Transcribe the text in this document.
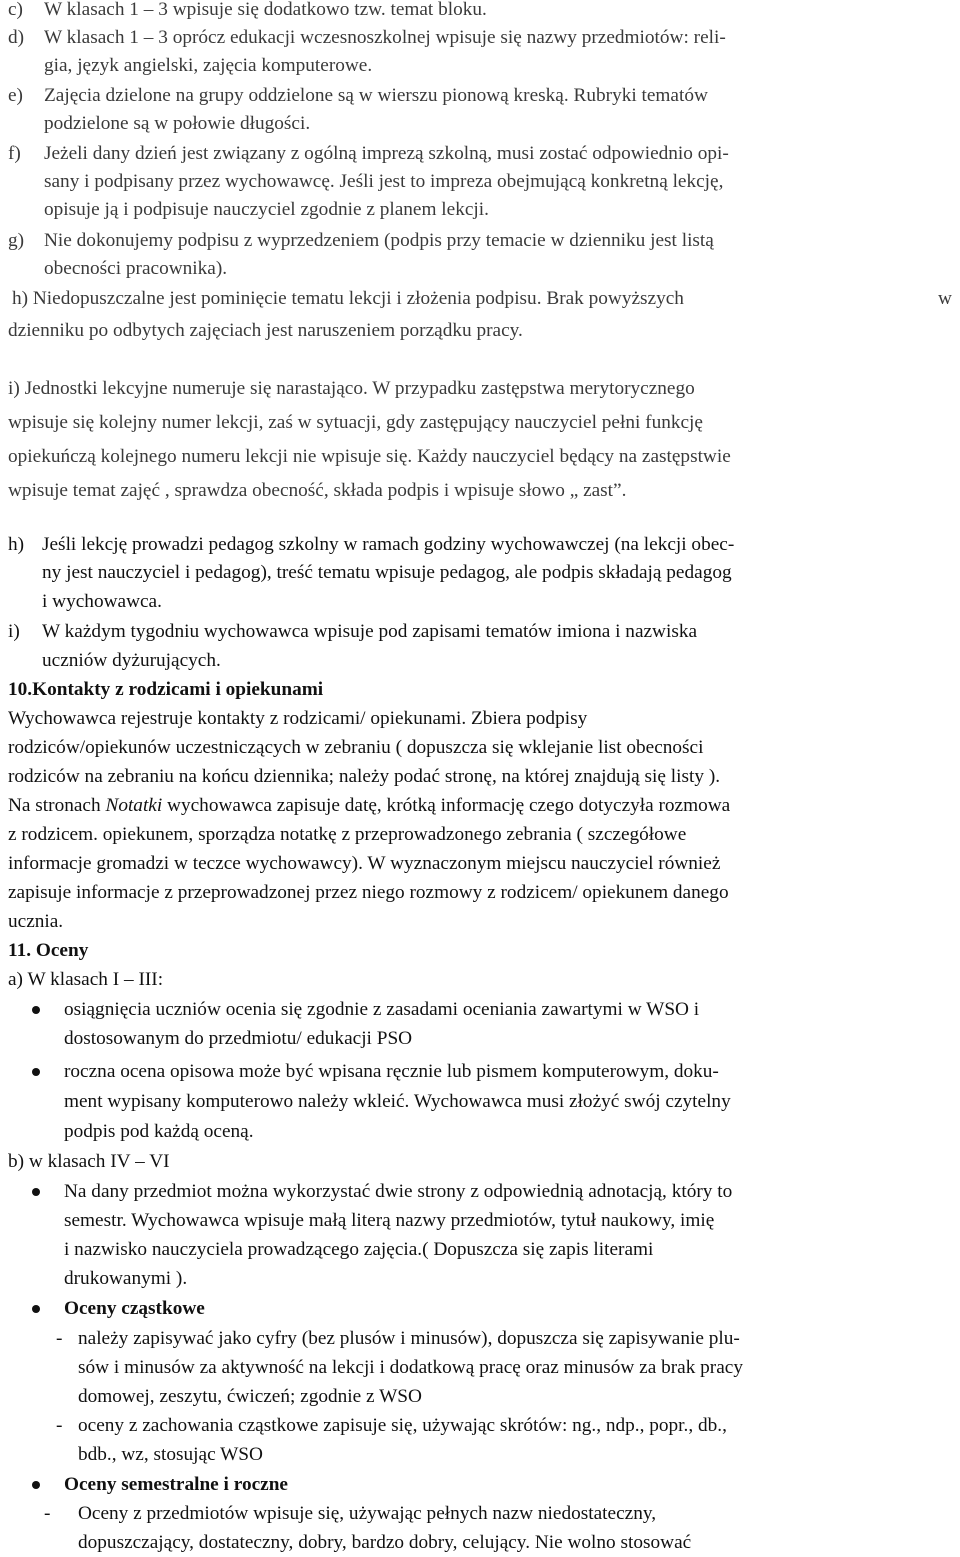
c) W klasach 1 – 3 wpisuje się dodatkowo tzw. temat bloku.
d) W klasach 1 – 3 oprócz edukacji wczesnoszkolnej wpisuje się nazwy przedmiotów: reli-
gia, język angielski, zajęcia komputerowe.
e) Zajęcia dzielone na grupy oddzielone są w wierszu pionową kreską. Rubryki tematów
podzielone są w połowie długości.
f) Jeżeli dany dzień jest związany z ogólną imprezą szkolną, musi zostać odpowiednio opi-
sany i podpisany przez wychowawcę. Jeśli jest to impreza obejmującą konkretną lekcję,
opisuje ją i podpisuje nauczyciel zgodnie z planem lekcji.
g) Nie dokonujemy podpisu z wyprzedzeniem (podpis przy temacie w dzienniku jest listą
obecności pracownika).
h) Niedopuszczalne jest pominięcie tematu lekcji i złożenia podpisu. Brak powyższych	w
dzienniku po odbytych zajęciach jest naruszeniem porządku pracy.
i) Jednostki lekcyjne numeruje się narastająco. W przypadku zastępstwa merytorycznego
wpisuje się kolejny numer lekcji, zaś w sytuacji, gdy zastępujący nauczyciel pełni funkcję
opiekuńczą kolejnego numeru lekcji nie wpisuje się. Każdy nauczyciel będący na zastępstwie
wpisuje temat zajęć , sprawdza obecność, składa podpis i wpisuje słowo „ zast”.
h) Jeśli lekcję prowadzi pedagog szkolny w ramach godziny wychowawczej (na lekcji obec-
ny jest nauczyciel i pedagog), treść tematu wpisuje pedagog, ale podpis składają pedagog
i wychowawca.
i) W każdym tygodniu wychowawca wpisuje pod zapisami tematów imiona i nazwiska
uczniów dyżurujących.
10.Kontakty z rodzicami i opiekunami
Wychowawca rejestruje kontakty z rodzicami/ opiekunami. Zbiera podpisy
rodziców/opiekunów uczestniczących w zebraniu ( dopuszcza się wklejanie list obecności
rodziców na zebraniu na końcu dziennika; należy podać stronę, na której znajdują się listy ).
Na stronach Notatki wychowawca zapisuje datę, krótką informację czego dotyczyła rozmowa
z rodzicem. opiekunem, sporządza notatkę z przeprowadzonego zebrania ( szczegółowe
informacje gromadzi w teczce wychowawcy). W wyznaczonym miejscu nauczyciel również
zapisuje informacje z przeprowadzonej przez niego rozmowy z rodzicem/ opiekunem danego
ucznia.
11. Oceny
a) W klasach I – III:
osiągnięcia uczniów ocenia się zgodnie z zasadami oceniania zawartymi w WSO i
dostosowanym do przedmiotu/ edukacji PSO
roczna ocena opisowa może być wpisana ręcznie lub pismem komputerowym, doku-
ment wypisany komputerowo należy wkleić. Wychowawca musi złożyć swój czytelny
podpis pod każdą oceną.
b) w klasach IV – VI
Na dany przedmiot można wykorzystać dwie strony z odpowiednią adnotacją, który to
semestr. Wychowawca wpisuje małą literą nazwy przedmiotów, tytuł naukowy, imię
i nazwisko nauczyciela prowadzącego zajęcia.( Dopuszcza się zapis literami
drukowanymi ).
Oceny cząstkowe
- należy zapisywać jako cyfry (bez plusów i minusów), dopuszcza się zapisywanie plu-
sów i minusów za aktywność na lekcji i dodatkową pracę oraz minusów za brak pracy
domowej, zeszytu, ćwiczeń; zgodnie z WSO
- oceny z zachowania cząstkowe zapisuje się, używając skrótów: ng., ndp., popr., db.,
bdb., wz, stosując WSO
Oceny semestralne i roczne
- Oceny z przedmiotów wpisuje się, używając pełnych nazw niedostateczny,
dopuszczający, dostateczny, dobry, bardzo dobry, celujący. Nie wolno stosować
